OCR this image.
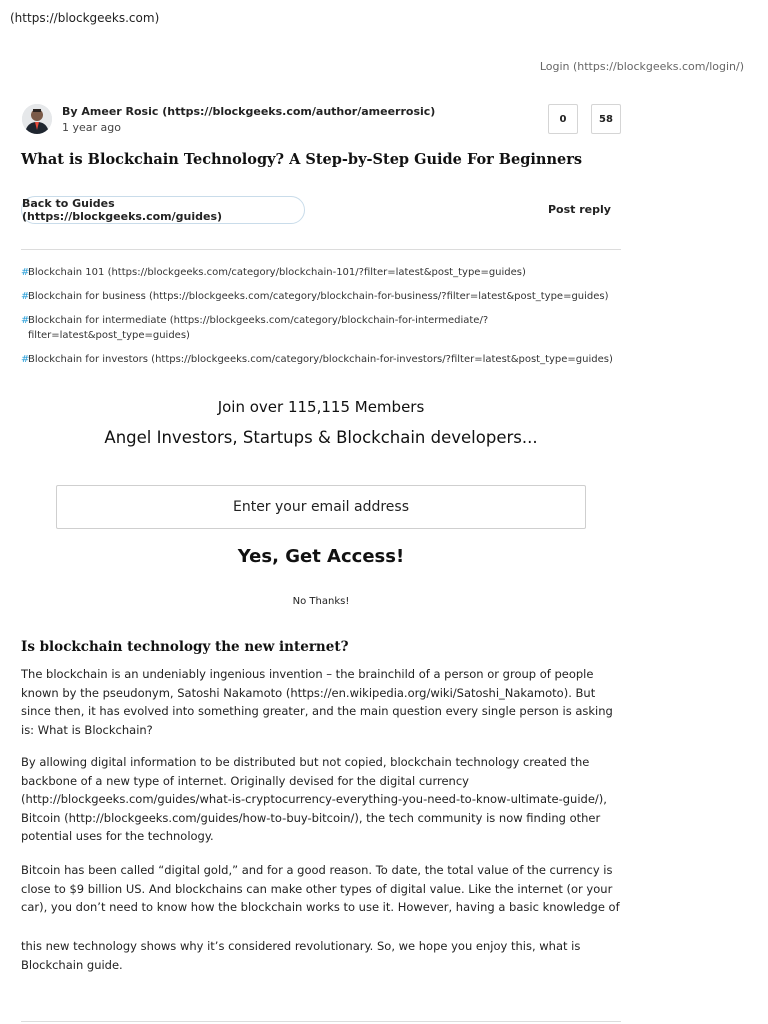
(https://blockgeeks.com)
Login (https://blockgeeks.com/login/)
By Ameer Rosic (https://blockgeeks.com/author/ameerrosic)
1 year ago
0	58
What is Blockchain Technology? A Step-by-Step Guide For Beginners
Back to Guides (https://blockgeeks.com/guides)
Post reply
#
Blockchain 101 (https://blockgeeks.com/category/blockchain-101/?filter=latest&post_type=guides)
#
Blockchain for business (https://blockgeeks.com/category/blockchain-for-business/?filter=latest&post_type=guides)
#
Blockchain for intermediate (https://blockgeeks.com/category/blockchain-for-intermediate/?filter=latest&post_type=guides)
#
Blockchain for investors (https://blockgeeks.com/category/blockchain-for-investors/?filter=latest&post_type=guides)
Join over 115,115 Members
Angel Investors, Startups & Blockchain developers...
Enter your email address
Yes, Get Access!
No Thanks!
Is blockchain technology the new internet?

The blockchain is an undeniably ingenious invention – the brainchild of a person or group of people known by the pseudonym, Satoshi Nakamoto (https://en.wikipedia.org/wiki/Satoshi_Nakamoto). But since then, it has evolved into something greater, and the main question every single person is asking is: What is Blockchain?

By allowing digital information to be distributed but not copied, blockchain technology created the backbone of a new type of internet. Originally devised for the digital currency (http://blockgeeks.com/guides/what-is-cryptocurrency-everything-you-need-to-know-ultimate-guide/), Bitcoin (http://blockgeeks.com/guides/how-to-buy-bitcoin/), the tech community is now finding other potential uses for the technology.

Bitcoin has been called “digital gold,” and for a good reason. To date, the total value of the currency is close to $9 billion US. And blockchains can make other types of digital value. Like the internet (or your car), you don’t need to know how the blockchain works to use it. However, having a basic knowledge of

this new technology shows why it’s considered revolutionary. So, we hope you enjoy this, what is Blockchain guide.
